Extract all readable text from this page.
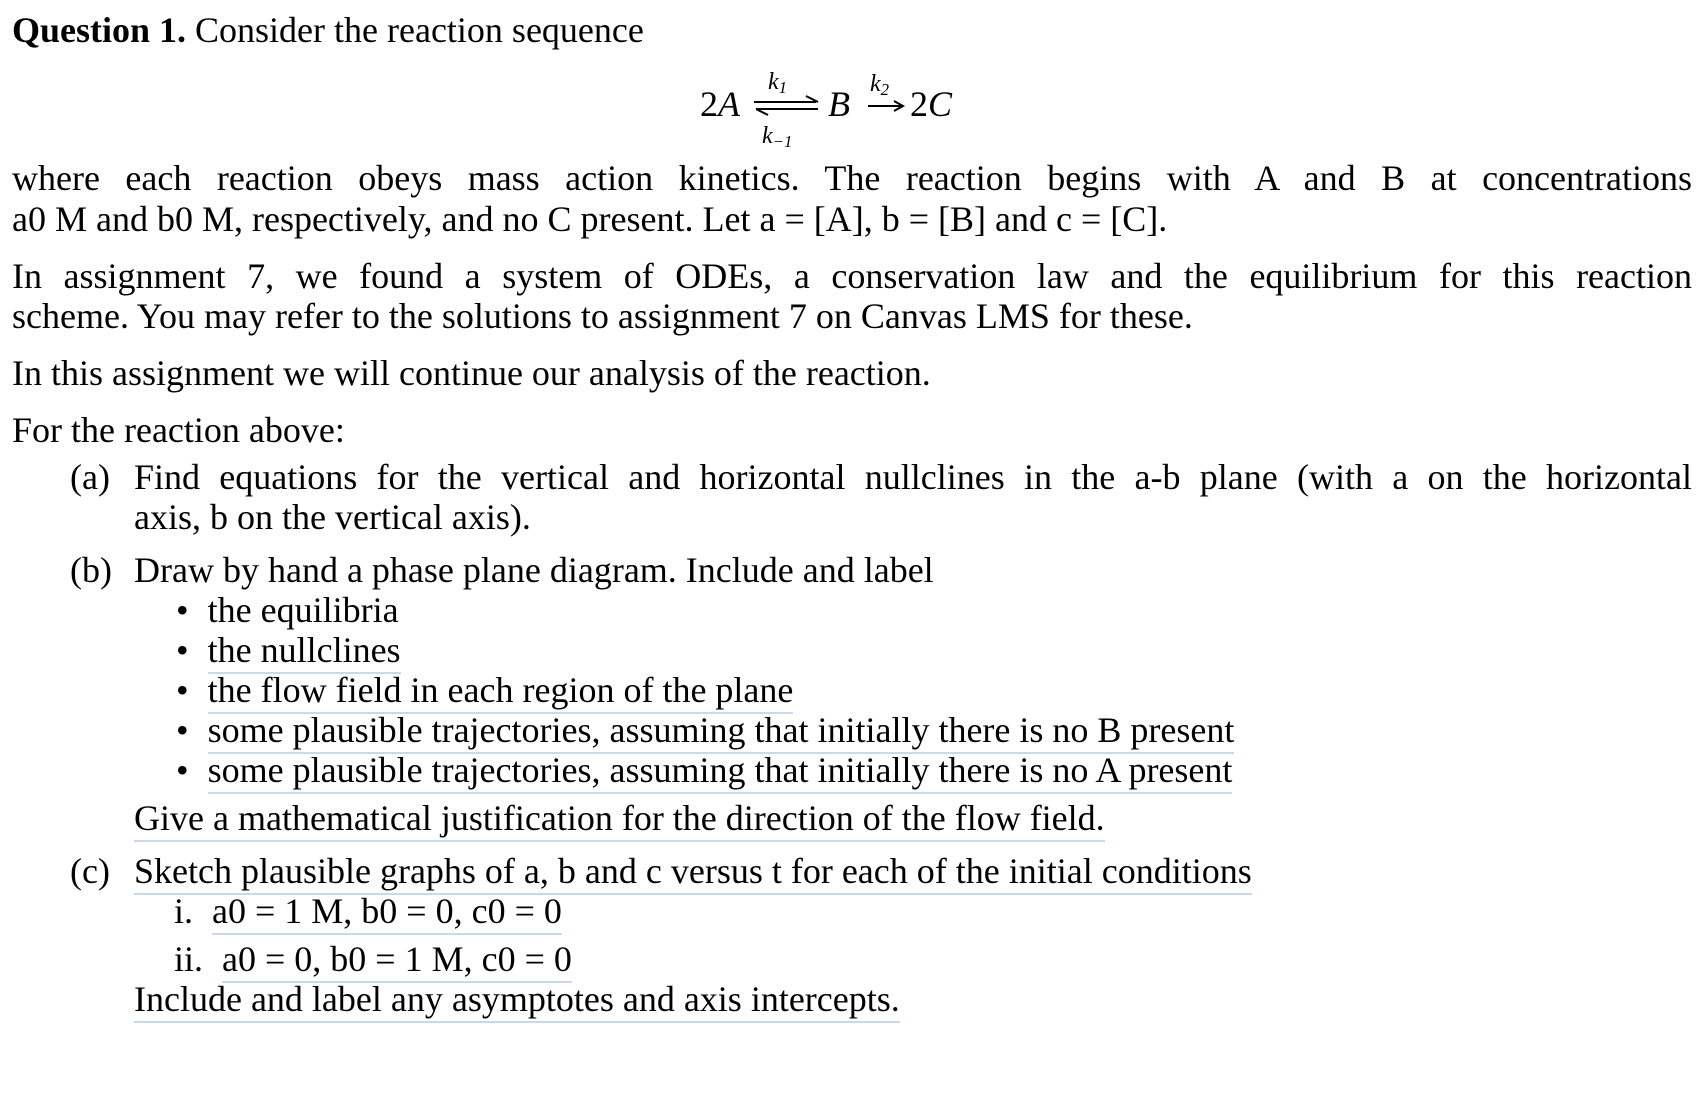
Question 1. Consider the reaction sequence
2A
$k_1$
$k_{-1}$
B $k_2$ 2C
where each reaction obeys mass action kinetics. The reaction begins with A and B at concentrations
a0 M and b0 M, respectively, and no C present. Let a = [A], b = [B] and c = [C].
In assignment 7, we found a system of ODEs, a conservation law and the equilibrium for this reaction
scheme. You may refer to the solutions to assignment 7 on Canvas LMS for these.
In this assignment we will continue our analysis of the reaction.
For the reaction above:
(a) Find equations for the vertical and horizontal nullclines in the a-b plane (with a on the horizontal
axis, b on the vertical axis).
(b) Draw by hand a phase plane diagram. Include and label
• the equilibria
• the nullclines
• the flow field in each region of the plane
• some plausible trajectories, assuming that initially there is no B present
• some plausible trajectories, assuming that initially there is no A present
Give a mathematical justification for the direction of the flow field.
(c) Sketch plausible graphs of a, b and c versus t for each of the initial conditions
i. a0 = 1 M, b0 = 0, c0 = 0
ii. a0 = 0, b0 = 1 M, c0 = 0
Include and label any asymptotes and axis intercepts.
